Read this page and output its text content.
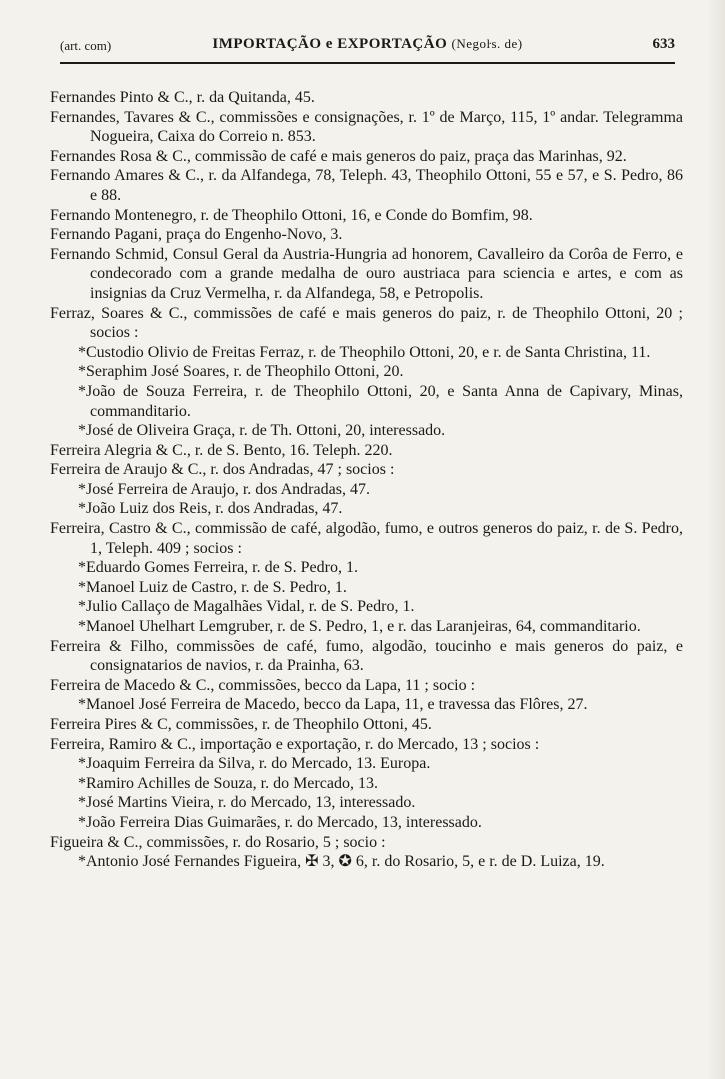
(art. com)	IMPORTAÇÃO e EXPORTAÇÃO (Negoŀs. de)	633
Fernandes Pinto & C., r. da Quitanda, 45.
Fernandes, Tavares & C., commissões e consignações, r. 1º de Março, 115, 1º andar. Telegramma Nogueira, Caixa do Correio n. 853.
Fernandes Rosa & C., commissão de café e mais generos do paiz, praça das Marinhas, 92.
Fernando Amares & C., r. da Alfandega, 78, Teleph. 43, Theophilo Ottoni, 55 e 57, e S. Pedro, 86 e 88.
Fernando Montenegro, r. de Theophilo Ottoni, 16, e Conde do Bomfim, 98.
Fernando Pagani, praça do Engenho-Novo, 3.
Fernando Schmid, Consul Geral da Austria-Hungria ad honorem, Cavalleiro da Corôa de Ferro, e condecorado com a grande medalha de ouro austriaca para sciencia e artes, e com as insignias da Cruz Vermelha, r. da Alfandega, 58, e Petropolis.
Ferraz, Soares & C., commissões de café e mais generos do paiz, r. de Theophilo Ottoni, 20 ; socios :
*Custodio Olivio de Freitas Ferraz, r. de Theophilo Ottoni, 20, e r. de Santa Christina, 11.
*Seraphim José Soares, r. de Theophilo Ottoni, 20.
*João de Souza Ferreira, r. de Theophilo Ottoni, 20, e Santa Anna de Capivary, Minas, commanditario.
*José de Oliveira Graça, r. de Th. Ottoni, 20, interessado.
Ferreira Alegria & C., r. de S. Bento, 16. Teleph. 220.
Ferreira de Araujo & C., r. dos Andradas, 47 ; socios :
*José Ferreira de Araujo, r. dos Andradas, 47.
*João Luiz dos Reis, r. dos Andradas, 47.
Ferreira, Castro & C., commissão de café, algodão, fumo, e outros generos do paiz, r. de S. Pedro, 1, Teleph. 409 ; socios :
*Eduardo Gomes Ferreira, r. de S. Pedro, 1.
*Manoel Luiz de Castro, r. de S. Pedro, 1.
*Julio Callaço de Magalhães Vidal, r. de S. Pedro, 1.
*Manoel Uhelhart Lemgruber, r. de S. Pedro, 1, e r. das Laranjeiras, 64, commanditario.
Ferreira & Filho, commissões de café, fumo, algodão, toucinho e mais generos do paiz, e consignatarios de navios, r. da Prainha, 63.
Ferreira de Macedo & C., commissões, becco da Lapa, 11 ; socio :
*Manoel José Ferreira de Macedo, becco da Lapa, 11, e travessa das Flôres, 27.
Ferreira Pires & C, commissões, r. de Theophilo Ottoni, 45.
Ferreira, Ramiro & C., importação e exportação, r. do Mercado, 13 ; socios :
*Joaquim Ferreira da Silva, r. do Mercado, 13. Europa.
*Ramiro Achilles de Souza, r. do Mercado, 13.
*José Martins Vieira, r. do Mercado, 13, interessado.
*João Ferreira Dias Guimarães, r. do Mercado, 13, interessado.
Figueira & C., commissões, r. do Rosario, 5 ; socio :
*Antonio José Fernandes Figueira, ✠ 3, ✪ 6, r. do Rosario, 5, e r. de D. Luiza, 19.
